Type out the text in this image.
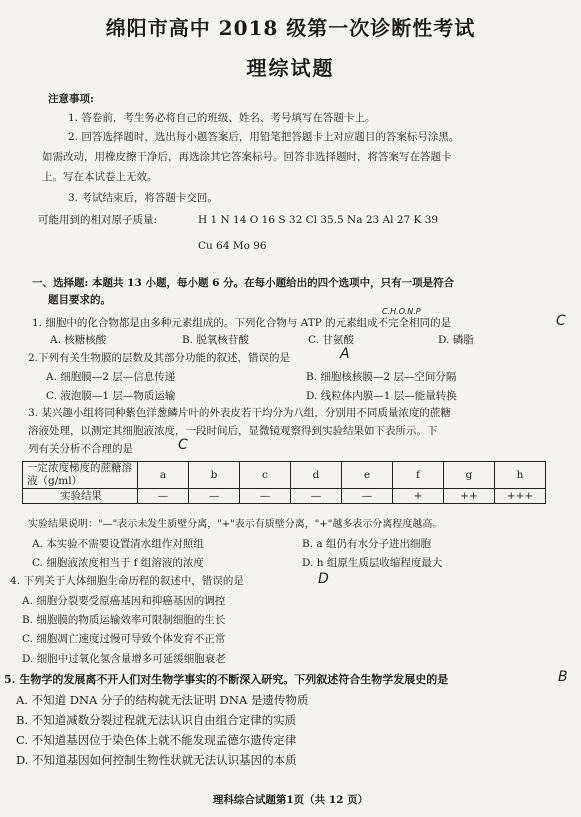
绵阳市高中 2018 级第一次诊断性考试
理综试题
注意事项:
1. 答卷前，考生务必将自己的班级、姓名、考号填写在答题卡上。
2. 回答选择题时，选出每小题答案后，用铅笔把答题卡上对应题目的答案标号涂黑。
如需改动，用橡皮擦干净后，再选涂其它答案标号。回答非选择题时，将答案写在答题卡
上。写在本试卷上无效。
3. 考试结束后，将答题卡交回。
可能用到的相对原子质量:	H 1 N 14 O 16 S 32 Cl 35.5 Na 23 Al 27 K 39
Cu 64 Mo 96
一、选择题: 本题共 13 小题，每小题 6 分。在每小题给出的四个选项中，只有一项是符合
题目要求的。
C.H.O.N.P
1. 细胞中的化合物都是由多种元素组成的。下列化合物与 ATP 的元素组成不完全相同的是	C
A. 核糖核酸	B. 脱氧核苷酸	C. 甘氨酸	D. 磷脂
2.下列有关生物膜的层数及其部分功能的叙述，错误的是	A
A. 细胞膜—2 层—信息传递	B. 细胞核核膜—2 层—空间分隔
C. 液泡膜—1 层—物质运输	D. 线粒体内膜—1 层—能量转换
3. 某兴趣小组将同种紫色洋葱鳞片叶的外表皮若干均分为八组，分别用不同质量浓度的蔗糖
溶液处理，以测定其细胞液浓度，一段时间后，显微镜观察得到实验结果如下表所示。下
列有关分析不合理的是	C
一定浓度梯度的蔗糖溶液（g/ml）	a	b	c	d	e	f	g	h
实验结果	—	—	—	—	—	+	++	+++
实验结果说明："—"表示未发生质壁分离，"+"表示有质壁分离，"+"越多表示分离程度越高。
A. 本实验不需要设置清水组作对照组	B. a 组仍有水分子进出细胞
C. 细胞液浓度相当于 f 组溶液的浓度	D. h 组原生质层收缩程度最大
4. 下列关于人体细胞生命历程的叙述中，错误的是	D
A. 细胞分裂要受原癌基因和抑癌基因的调控
B. 细胞膜的物质运输效率可限制细胞的生长
C. 细胞凋亡速度过慢可导致个体发育不正常
D. 细胞中过氧化氢含量增多可延缓细胞衰老
5. 生物学的发展离不开人们对生物学事实的不断深入研究。下列叙述符合生物学发展史的是	B
A. 不知道 DNA 分子的结构就无法证明 DNA 是遗传物质
B. 不知道减数分裂过程就无法认识自由组合定律的实质
C. 不知道基因位于染色体上就不能发现孟德尔遗传定律
D. 不知道基因如何控制生物性状就无法认识基因的本质
理科综合试题第1页（共 12 页）
